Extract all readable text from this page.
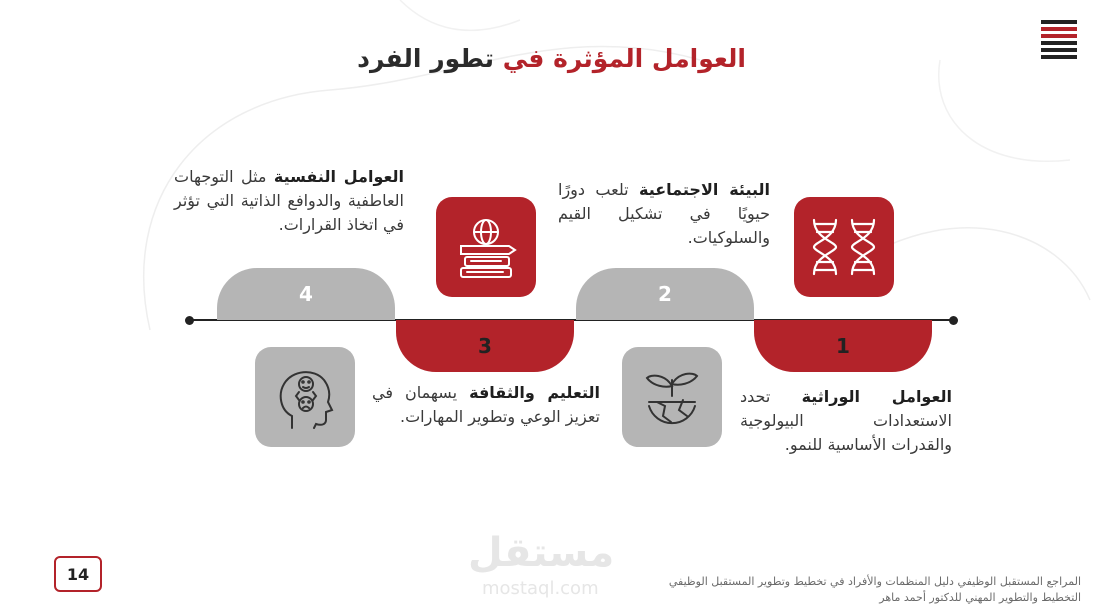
العوامل المؤثرة في تطور الفرد
1
2
3
4
العوامل الوراثية تحدد الاستعدادات البيولوجية والقدرات الأساسية للنمو.
البيئة الاجتماعية تلعب دورًا حيويًا في تشكيل القيم والسلوكيات.
التعليم والثقافة يسهمان في تعزيز الوعي وتطوير المهارات.
العوامل النفسية مثل التوجهات العاطفية والدوافع الذاتية التي تؤثر في اتخاذ القرارات.
مستقل
mostaql.com
14	المراجع المستقبل الوظيفي دليل المنظمات والأفراد في تخطيط وتطوير المستقبل الوظيفي
التخطيط والتطوير المهني للدكتور أحمد ماهر
